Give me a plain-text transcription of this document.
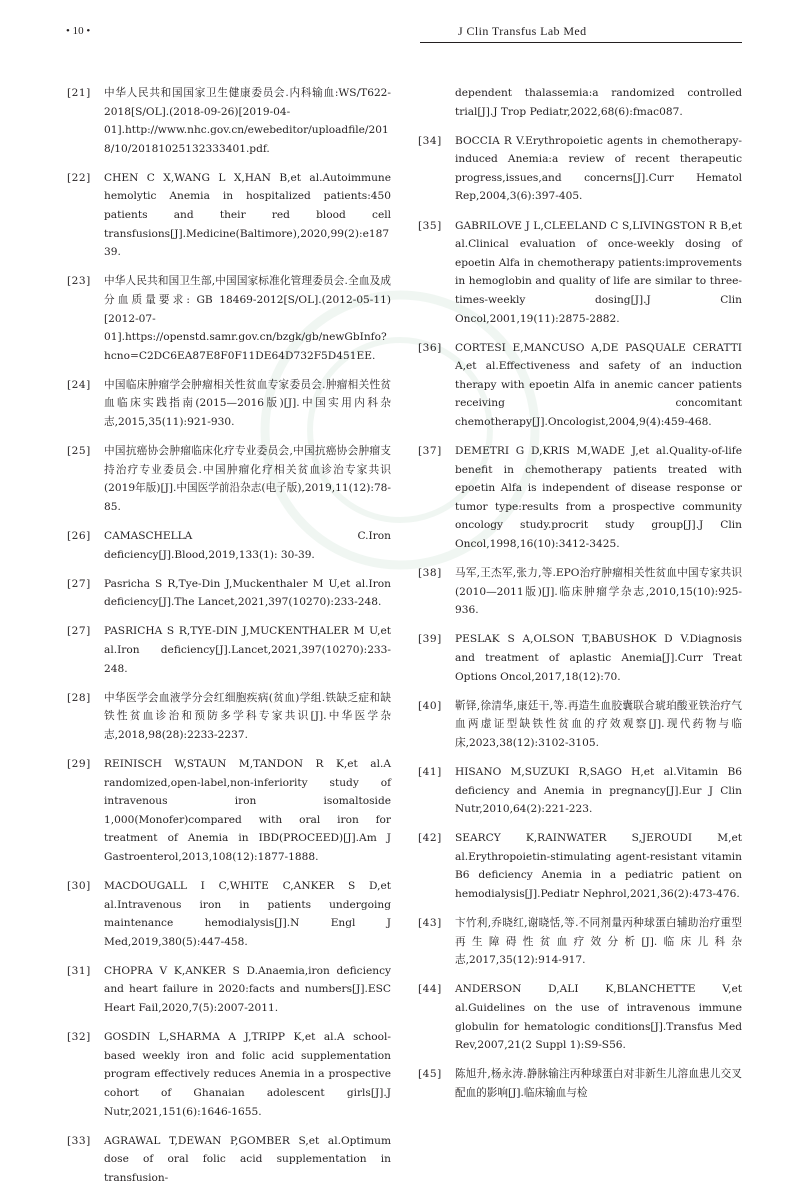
• 10 •	J Clin Transfus Lab Med
[21] 中华人民共和国国家卫生健康委员会.内科输血:WS/T622-2018[S/OL].(2018-09-26)[2019-04-01].http://www.nhc.gov.cn/ewebeditor/uploadfile/2018/10/20181025132333401.pdf.
[22] CHEN C X,WANG L X,HAN B,et al.Autoimmune hemolytic Anemia in hospitalized patients:450 patients and their red blood cell transfusions[J].Medicine(Baltimore),2020,99(2):e18739.
[23] 中华人民共和国卫生部,中国国家标准化管理委员会.全血及成分血质量要求: GB 18469-2012[S/OL].(2012-05-11)[2012-07-01].https://openstd.samr.gov.cn/bzgk/gb/newGbInfo?hcno=C2DC6EA87E8F0F11DE64D732F5D451EE.
[24] 中国临床肿瘤学会肿瘤相关性贫血专家委员会.肿瘤相关性贫血临床实践指南(2015—2016版)[J].中国实用内科杂志,2015,35(11):921-930.
[25] 中国抗癌协会肿瘤临床化疗专业委员会,中国抗癌协会肿瘤支持治疗专业委员会.中国肿瘤化疗相关贫血诊治专家共识(2019年版)[J].中国医学前沿杂志(电子版),2019,11(12):78-85.
[26] CAMASCHELLA C.Iron deficiency[J].Blood,2019,133(1): 30-39.
[27] Pasricha S R,Tye-Din J,Muckenthaler M U,et al.Iron deficiency[J].The Lancet,2021,397(10270):233-248.
[27] PASRICHA S R,TYE-DIN J,MUCKENTHALER M U,et al.Iron deficiency[J].Lancet,2021,397(10270):233-248.
[28] 中华医学会血液学分会红细胞疾病(贫血)学组.铁缺乏症和缺铁性贫血诊治和预防多学科专家共识[J].中华医学杂志,2018,98(28):2233-2237.
[29] REINISCH W,STAUN M,TANDON R K,et al.A randomized,open-label,non-inferiority study of intravenous iron isomaltoside 1,000(Monofer)compared with oral iron for treatment of Anemia in IBD(PROCEED)[J].Am J Gastroenterol,2013,108(12):1877-1888.
[30] MACDOUGALL I C,WHITE C,ANKER S D,et al.Intravenous iron in patients undergoing maintenance hemodialysis[J].N Engl J Med,2019,380(5):447-458.
[31] CHOPRA V K,ANKER S D.Anaemia,iron deficiency and heart failure in 2020:facts and numbers[J].ESC Heart Fail,2020,7(5):2007-2011.
[32] GOSDIN L,SHARMA A J,TRIPP K,et al.A school-based weekly iron and folic acid supplementation program effectively reduces Anemia in a prospective cohort of Ghanaian adolescent girls[J].J Nutr,2021,151(6):1646-1655.
[33] AGRAWAL T,DEWAN P,GOMBER S,et al.Optimum dose of oral folic acid supplementation in transfusion-
dependent thalassemia:a randomized controlled trial[J].J Trop Pediatr,2022,68(6):fmac087.
[34] BOCCIA R V.Erythropoietic agents in chemotherapy-induced Anemia:a review of recent therapeutic progress,issues,and concerns[J].Curr Hematol Rep,2004,3(6):397-405.
[35] GABRILOVE J L,CLEELAND C S,LIVINGSTON R B,et al.Clinical evaluation of once-weekly dosing of epoetin Alfa in chemotherapy patients:improvements in hemoglobin and quality of life are similar to three-times-weekly dosing[J].J Clin Oncol,2001,19(11):2875-2882.
[36] CORTESI E,MANCUSO A,DE PASQUALE CERATTI A,et al.Effectiveness and safety of an induction therapy with epoetin Alfa in anemic cancer patients receiving concomitant chemotherapy[J].Oncologist,2004,9(4):459-468.
[37] DEMETRI G D,KRIS M,WADE J,et al.Quality-of-life benefit in chemotherapy patients treated with epoetin Alfa is independent of disease response or tumor type:results from a prospective community oncology study.procrit study group[J].J Clin Oncol,1998,16(10):3412-3425.
[38] 马军,王杰军,张力,等.EPO治疗肿瘤相关性贫血中国专家共识(2010—2011版)[J].临床肿瘤学杂志,2010,15(10):925-936.
[39] PESLAK S A,OLSON T,BABUSHOK D V.Diagnosis and treatment of aplastic Anemia[J].Curr Treat Options Oncol,2017,18(12):70.
[40] 靳铎,徐清华,康廷干,等.再造生血胶囊联合琥珀酸亚铁治疗气血两虚证型缺铁性贫血的疗效观察[J].现代药物与临床,2023,38(12):3102-3105.
[41] HISANO M,SUZUKI R,SAGO H,et al.Vitamin B6 deficiency and Anemia in pregnancy[J].Eur J Clin Nutr,2010,64(2):221-223.
[42] SEARCY K,RAINWATER S,JEROUDI M,et al.Erythropoietin-stimulating agent-resistant vitamin B6 deficiency Anemia in a pediatric patient on hemodialysis[J].Pediatr Nephrol,2021,36(2):473-476.
[43] 卞竹利,乔晓红,谢晓恬,等.不同剂量丙种球蛋白辅助治疗重型再生障碍性贫血疗效分析[J].临床儿科杂志,2017,35(12):914-917.
[44] ANDERSON D,ALI K,BLANCHETTE V,et al.Guidelines on the use of intravenous immune globulin for hematologic conditions[J].Transfus Med Rev,2007,21(2 Suppl 1):S9-S56.
[45] 陈旭升,杨永涛.静脉输注丙种球蛋白对非新生儿溶血患儿交叉配血的影响[J].临床输血与检
